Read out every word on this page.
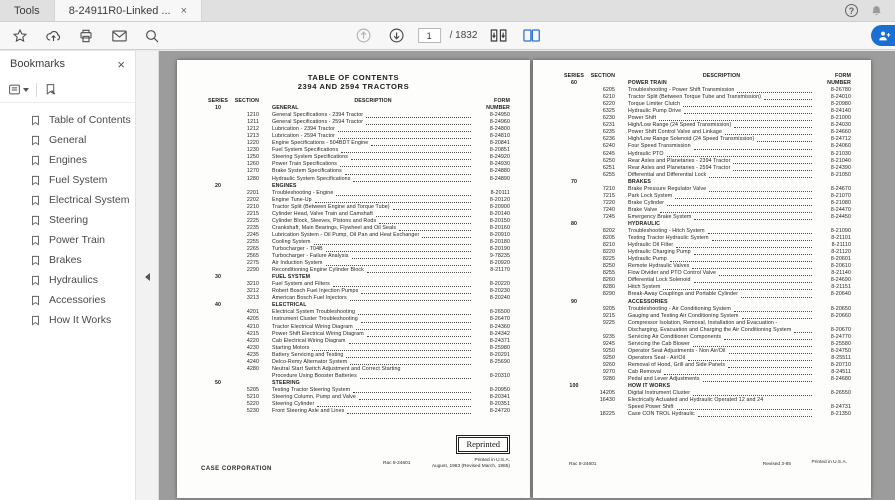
Tools	8-24911R0-Linked ... ×	?
1
/ 1832
Bookmarks	×
Table of Contents
General
Engines
Fuel System
Electrical System
Steering
Power Train
Brakes
Hydraulics
Accessories
How It Works
TABLE OF CONTENTS
2394 AND 2594 TRACTORS
SERIES	SECTION	DESCRIPTION	FORM
10	GENERAL	NUMBER
1210 General Specifications - 2394 Tractor	8-24950
1211 General Specifications - 2594 Tractor	8-24960
1212 Lubrication - 2394 Tractor	8-24800
1213 Lubrication - 2594 Tractor	8-24810
1220 Engine Specifications - 504BDT Engine	8-20841
1230 Fuel System Specifications	8-20851
1250 Steering System Specifications	8-24920
1260 Power Train Specifications	8-24930
1270 Brake System Specifications	8-24880
1280 Hydraulic System Specifications	8-24890
20	ENGINES
2201 Troubleshooting - Engine	8-20111
2202 Engine Tune-Up	8-20120
2210 Tractor Split (Between Engine and Torque Tube)	8-20900
2215 Cylinder Head, Valve Train and Camshaft	8-20140
2225 Cylinder Block, Sleeves, Pistons and Rods	8-20150
2235 Crankshaft, Main Bearings, Flywheel and Oil Seals	8-20160
2245 Lubrication System - Oil Pump, Oil Pan and Heat Exchanger	8-20910
2255 Cooling System	8-20180
2265 Turbocharger - T04B	8-20190
2565 Turbocharger - Failure Analysis	9-78235
2275 Air Induction System	8-20920
2290 Reconditioning Engine Cylinder Block	8-21170
30	FUEL SYSTEM
3210 Fuel System and Filters	8-20220
3212 Robert Bosch Fuel Injection Pumps	8-20230
3213 American Bosch Fuel Injectors	8-20240
40	ELECTRICAL
4201 Electrical System Troubleshooting	8-26500
4205 Instrument Cluster Troubleshooting	8-26470
4210 Tractor Electrical Wiring Diagram	8-24360
4215 Power Shift Electrical Wiring Diagram	8-24342
4220 Cab Electrical Wiring Diagram	8-24371
4230 Starting Motors	8-25980
4235 Battery Servicing and Testing	8-20291
4240 Delco-Remy Alternator System	8-25690
4280 Neutral Start Switch Adjustment and Correct Starting
Procedure Using Booster Batteries	8-20310
50	STEERING
5205 Testing Tractor Steering System	8-20950
5210 Steering Column, Pump and Valve	8-20341
5220 Steering Cylinder	8-20351
5230 Front Steering Axle and Lines	8-24720
Reprinted
CASE CORPORATION
Rac 8-24601
Printed in U.S.A.
August, 1983 (Revised March, 1985)
SERIES	SECTION	DESCRIPTION	FORM
60	POWER TRAIN	NUMBER
6205 Troubleshooting - Power Shift Transmission	8-26780
6210 Tractor Split (Between Torque Tube and Transmission)	8-24010
6220 Torque Limiter Clutch	8-20980
6325 Hydraulic Pump Drive	8-24140
6230 Power Shift	8-21000
6231 High/Low Range (24 Speed Transmission)	8-24030
6235 Power Shift Control Valve and Linkage	8-24660
6236 High/Low Range Solenoid (24 Speed Transmission)	8-24712
6240 Four Speed Transmission	8-24060
6245 Hydraulic PTO	8-21030
6250 Rear Axles and Planetaries - 2394 Tractor	8-21040
6251 Rear Axles and Planetaries - 2594 Tractor	8-24390
6255 Differential and Differential Lock	8-21050
70	BRAKES
7210 Brake Pressure Regulator Valve	8-24670
7215 Park Lock System	8-21070
7220 Brake Cylinder	8-21080
7240 Brake Valve	8-24470
7245 Emergency Brake System	8-24450
80	HYDRAULIC
8202 Troubleshooting - Hitch System	8-21090
8205 Testing Tractor Hydraulic System	8-21101
8210 Hydraulic Oil Filter	8-21110
8220 Hydraulic Charging Pump	8-21120
8225 Hydraulic Pump	8-20601
8250 Remote Hydraulic Valves	8-20610
8255 Flow Divider and PTO Control Valve	8-21140
8260 Differential Lock Solenoid	8-24690
8280 Hitch System	8-21151
8290 Break-Away Couplings and Portable Cylinder	8-20640
90	ACCESSORIES
9205 Troubleshooting - Air Conditioning System	8-20650
9215 Gauging and Testing Air Conditioning System	8-20660
9225 Compressor Isolation, Removal, Installation and Evacuation -
Discharging, Evacuation and Charging the Air Conditioning System	8-20670
9235 Servicing Air Conditioner Components	8-24770
9245 Servicing the Cab Blower	8-25580
9250 Operator Seat Adjustments - Non Air/Oil	8-24750
9250 Operators Seat - Air/Oil	8-25511
9260 Removal of Hood, Grill and Side Panels	8-20710
9270 Cab Removal	8-24511
9280 Pedal and Lever Adjustments	8-24680
100	HOW IT WORKS
14205 Digital Instrument Cluster	8-26550
16430 Electrically Actuated and Hydraulic Operated 12 and 24
Speed Power Shift	8-24731
18225 Case CON TROL Hydraulic	8-21350
Rac 8-24601	Revised 3-85	Printed in U.S.A.
